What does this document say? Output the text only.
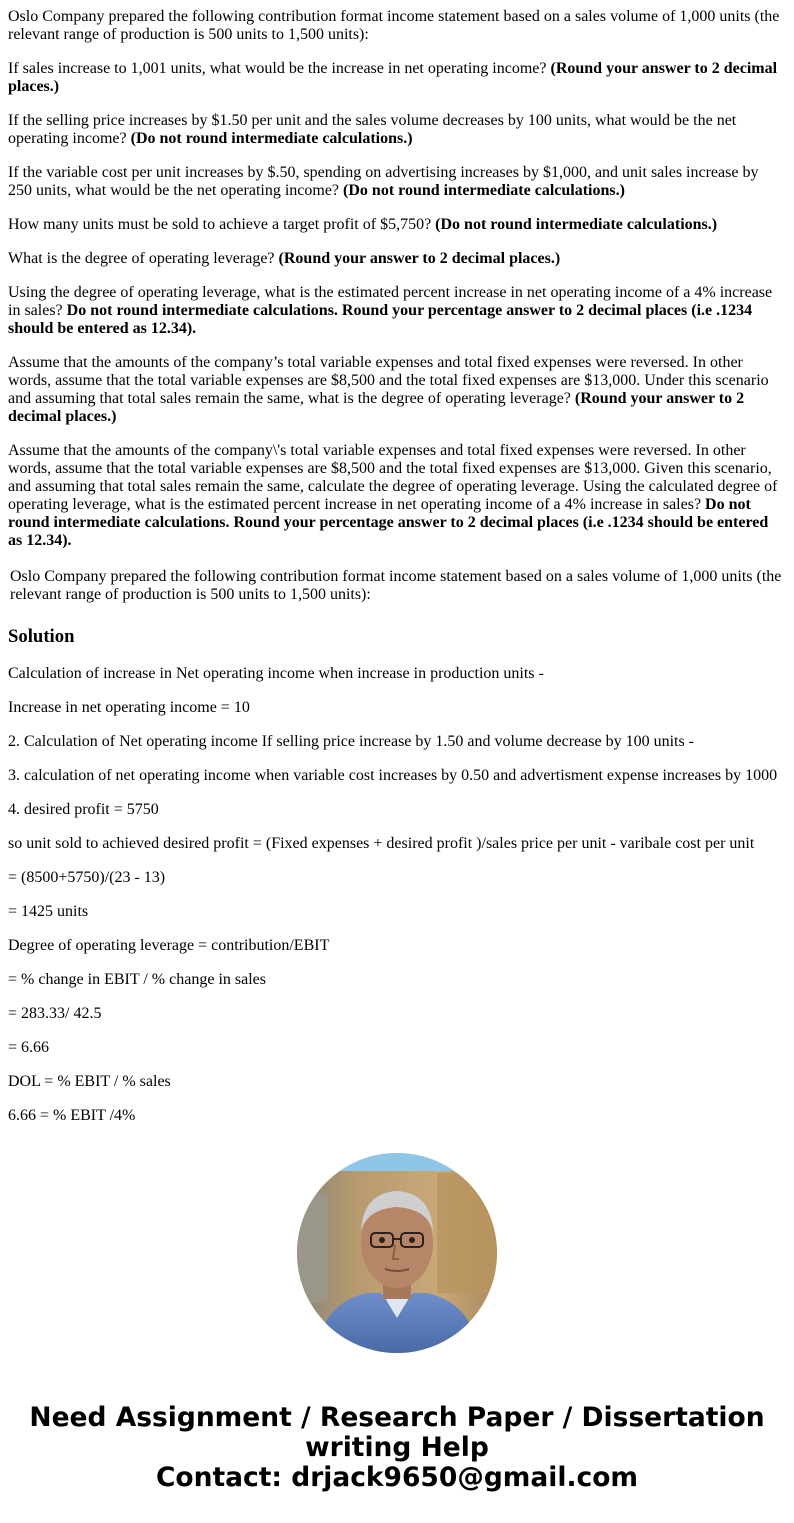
Oslo Company prepared the following contribution format income statement based on a sales volume of 1,000 units (the relevant range of production is 500 units to 1,500 units):

If sales increase to 1,001 units, what would be the increase in net operating income? (Round your answer to 2 decimal places.)

If the selling price increases by $1.50 per unit and the sales volume decreases by 100 units, what would be the net operating income? (Do not round intermediate calculations.)

If the variable cost per unit increases by $.50, spending on advertising increases by $1,000, and unit sales increase by 250 units, what would be the net operating income? (Do not round intermediate calculations.)

How many units must be sold to achieve a target profit of $5,750? (Do not round intermediate calculations.)

What is the degree of operating leverage? (Round your answer to 2 decimal places.)

Using the degree of operating leverage, what is the estimated percent increase in net operating income of a 4% increase in sales? Do not round intermediate calculations. Round your percentage answer to 2 decimal places (i.e .1234 should be entered as 12.34).

Assume that the amounts of the company’s total variable expenses and total fixed expenses were reversed. In other words, assume that the total variable expenses are $8,500 and the total fixed expenses are $13,000. Under this scenario and assuming that total sales remain the same, what is the degree of operating leverage? (Round your answer to 2 decimal places.)

Assume that the amounts of the company\'s total variable expenses and total fixed expenses were reversed. In other words, assume that the total variable expenses are $8,500 and the total fixed expenses are $13,000. Given this scenario, and assuming that total sales remain the same, calculate the degree of operating leverage. Using the calculated degree of operating leverage, what is the estimated percent increase in net operating income of a 4% increase in sales? Do not round intermediate calculations. Round your percentage answer to 2 decimal places (i.e .1234 should be entered as 12.34).

Oslo Company prepared the following contribution format income statement based on a sales volume of 1,000 units (the relevant range of production is 500 units to 1,500 units):

Solution

Calculation of increase in Net operating income when increase in production units -

Increase in net operating income = 10

2. Calculation of Net operating income If selling price increase by 1.50 and volume decrease by 100 units -

3. calculation of net operating income when variable cost increases by 0.50 and advertisment expense increases by 1000

4. desired profit = 5750

so unit sold to achieved desired profit = (Fixed expenses + desired profit )/sales price per unit - varibale cost per unit

= (8500+5750)/(23 - 13)

= 1425 units

Degree of operating leverage = contribution/EBIT

= % change in EBIT / % change in sales

= 283.33/ 42.5

= 6.66

DOL = % EBIT / % sales

6.66 = % EBIT /4%

Need Assignment / Research Paper / Dissertation
writing Help
Contact: drjack9650@gmail.com
